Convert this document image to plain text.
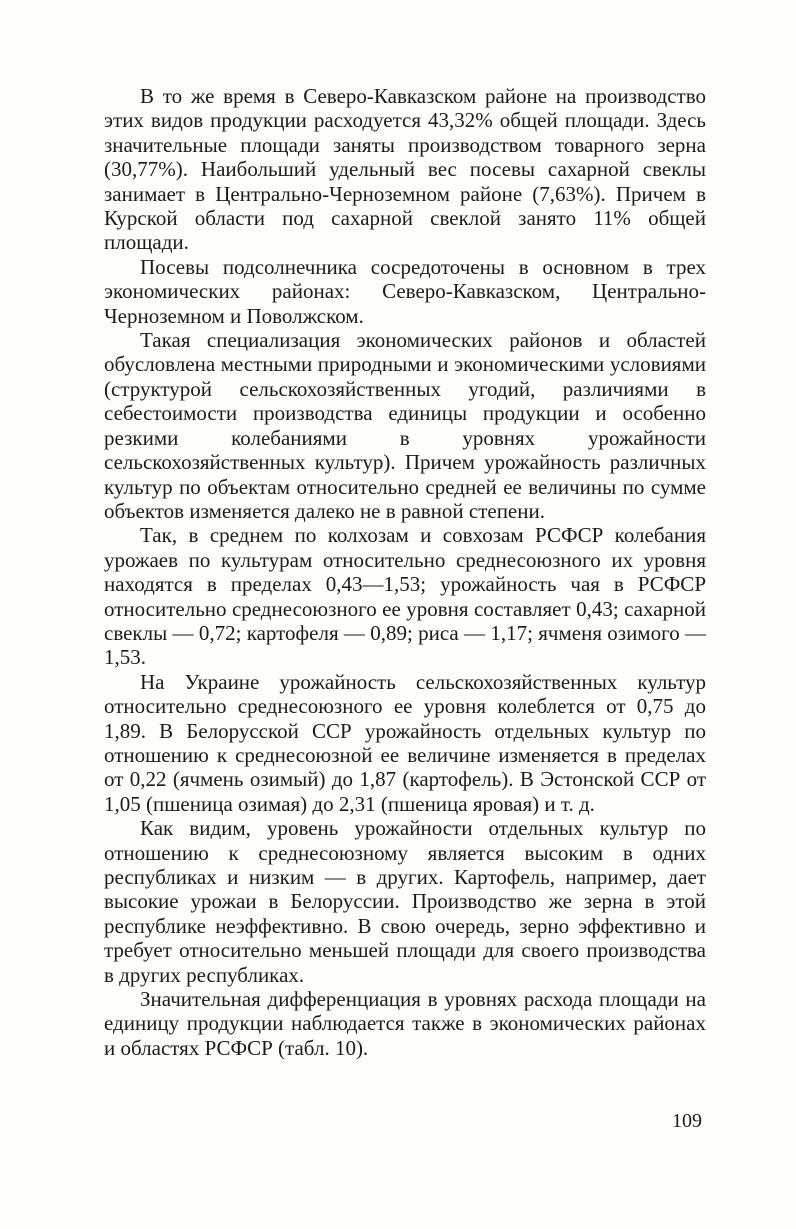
В то же время в Северо-Кавказском районе на производство этих видов продукции расходуется 43,32% общей площади. Здесь значительные площади заняты производством товарного зерна (30,77%). Наибольший удельный вес посевы сахарной свеклы занимает в Центрально-Черноземном районе (7,63%). Причем в Курской области под сахарной свеклой занято 11% общей площади.

Посевы подсолнечника сосредоточены в основном в трех экономических районах: Северо-Кавказском, Центрально-Черноземном и Поволжском.

Такая специализация экономических районов и областей обусловлена местными природными и экономическими условиями (структурой сельскохозяйственных угодий, различиями в себестоимости производства единицы продукции и особенно резкими колебаниями в уровнях урожайности сельскохозяйственных культур). Причем урожайность различных культур по объектам относительно средней ее величины по сумме объектов изменяется далеко не в равной степени.

Так, в среднем по колхозам и совхозам РСФСР колебания урожаев по культурам относительно среднесоюзного их уровня находятся в пределах 0,43—1,53; урожайность чая в РСФСР относительно среднесоюзного ее уровня составляет 0,43; сахарной свеклы — 0,72; картофеля — 0,89; риса — 1,17; ячменя озимого — 1,53.

На Украине урожайность сельскохозяйственных культур относительно среднесоюзного ее уровня колеблется от 0,75 до 1,89. В Белорусской ССР урожайность отдельных культур по отношению к среднесоюзной ее величине изменяется в пределах от 0,22 (ячмень озимый) до 1,87 (картофель). В Эстонской ССР от 1,05 (пшеница озимая) до 2,31 (пшеница яровая) и т. д.

Как видим, уровень урожайности отдельных культур по отношению к среднесоюзному является высоким в одних республиках и низким — в других. Картофель, например, дает высокие урожаи в Белоруссии. Производство же зерна в этой республике неэффективно. В свою очередь, зерно эффективно и требует относительно меньшей площади для своего производства в других республиках.

Значительная дифференциация в уровнях расхода площади на единицу продукции наблюдается также в экономических районах и областях РСФСР (табл. 10).

109
